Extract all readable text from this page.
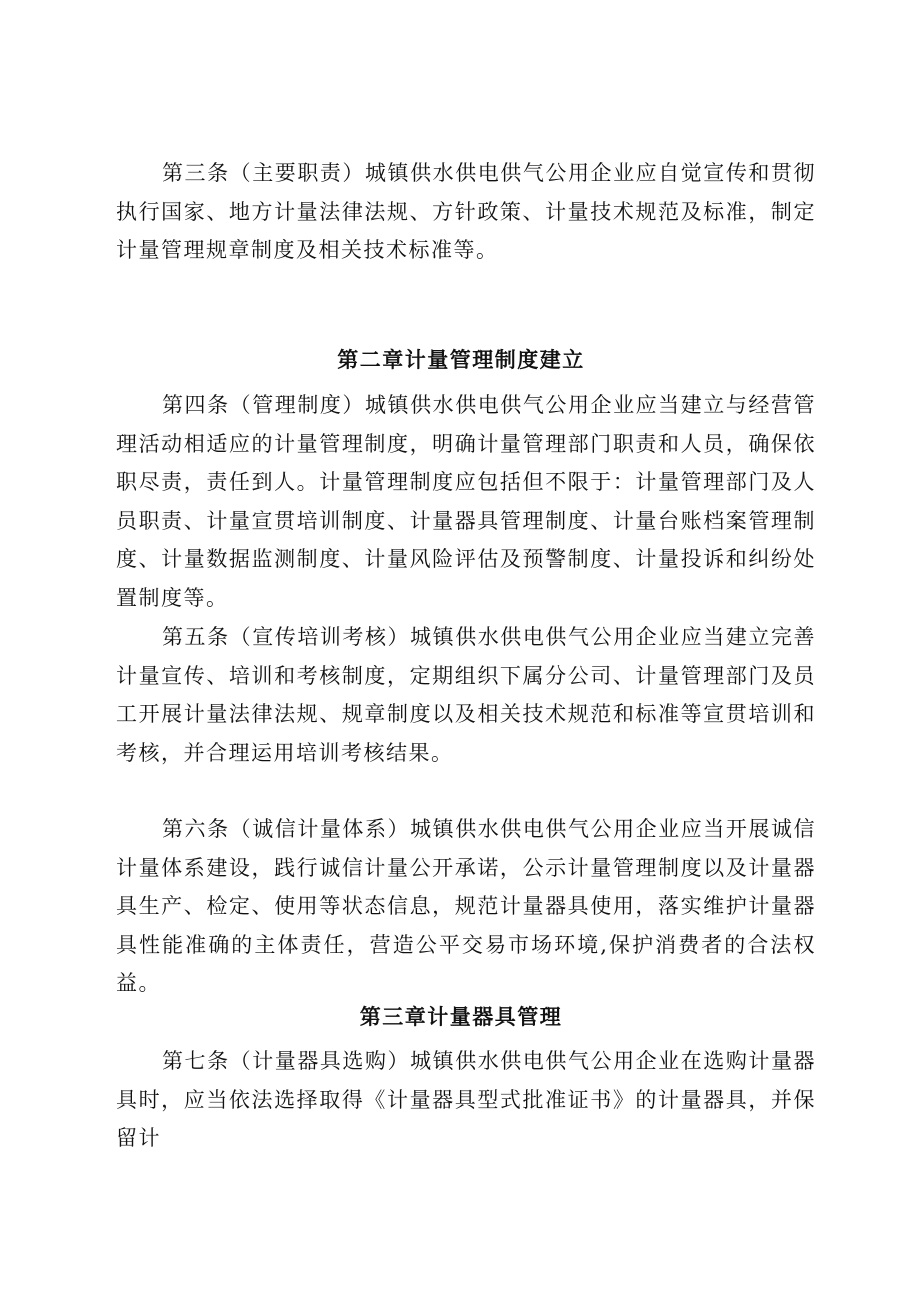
第三条（主要职责）城镇供水供电供气公用企业应自觉宣传和贯彻执行国家、地方计量法律法规、方针政策、计量技术规范及标准，制定计量管理规章制度及相关技术标准等。

第二章计量管理制度建立

第四条（管理制度）城镇供水供电供气公用企业应当建立与经营管理活动相适应的计量管理制度，明确计量管理部门职责和人员，确保依职尽责，责任到人。计量管理制度应包括但不限于：计量管理部门及人员职责、计量宣贯培训制度、计量器具管理制度、计量台账档案管理制度、计量数据监测制度、计量风险评估及预警制度、计量投诉和纠纷处置制度等。

第五条（宣传培训考核）城镇供水供电供气公用企业应当建立完善计量宣传、培训和考核制度，定期组织下属分公司、计量管理部门及员工开展计量法律法规、规章制度以及相关技术规范和标准等宣贯培训和考核，并合理运用培训考核结果。

第六条（诚信计量体系）城镇供水供电供气公用企业应当开展诚信计量体系建设，践行诚信计量公开承诺，公示计量管理制度以及计量器具生产、检定、使用等状态信息，规范计量器具使用，落实维护计量器具性能准确的主体责任，营造公平交易市场环境,保护消费者的合法权益。

第三章计量器具管理

第七条（计量器具选购）城镇供水供电供气公用企业在选购计量器具时，应当依法选择取得《计量器具型式批准证书》的计量器具，并保留计
